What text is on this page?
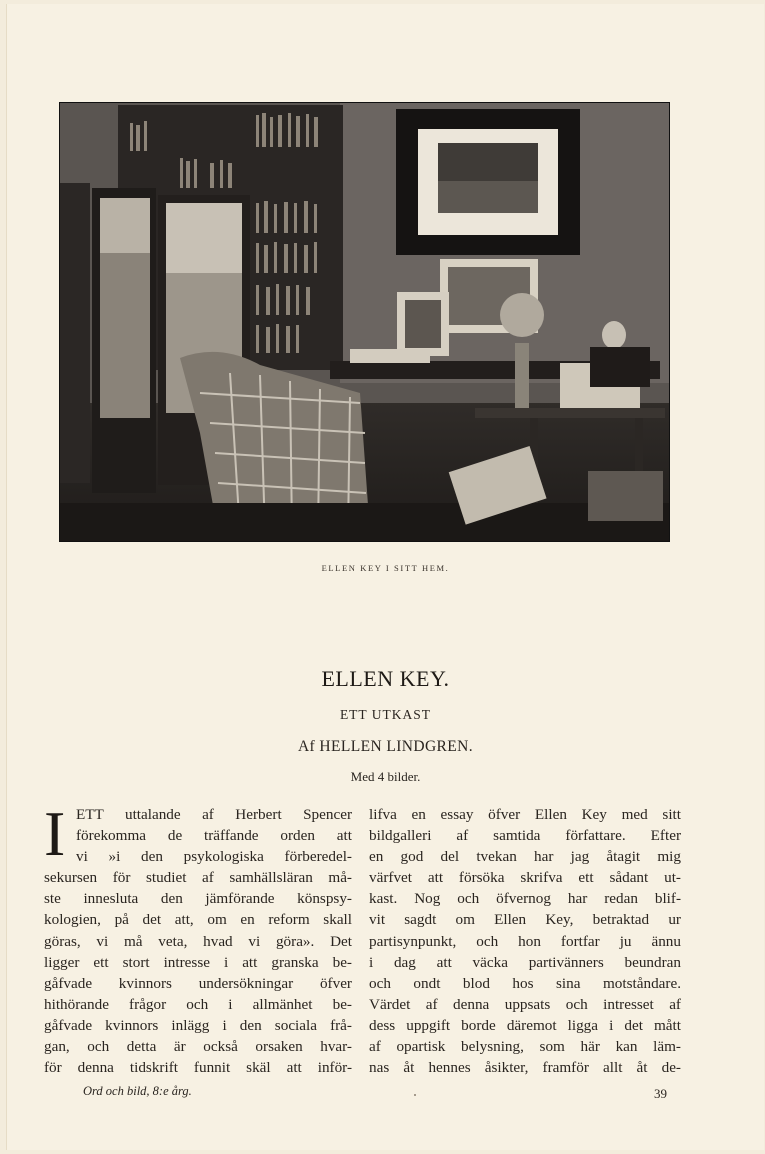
ELLEN KEY I SITT HEM.
ELLEN KEY.
ETT UTKAST
Af HELLEN LINDGREN.
Med 4 bilder.
I ETT uttalande af Herbert Spencer
förekomma de träffande orden att
vi »i den psykologiska förberedel-
sekursen för studiet af samhällsläran må-
ste innesluta den jämförande könspsy-
kologien, på det att, om en reform skall
göras, vi må veta, hvad vi göra». Det
ligger ett stort intresse i att granska be-
gåfvade kvinnors undersökningar öfver
hithörande frågor och i allmänhet be-
gåfvade kvinnors inlägg i den sociala frå-
gan, och detta är också orsaken hvar-
för denna tidskrift funnit skäl att inför-
lifva en essay öfver Ellen Key med sitt
bildgalleri af samtida författare. Efter
en god del tvekan har jag åtagit mig
värfvet att försöka skrifva ett sådant ut-
kast. Nog och öfvernog har redan blif-
vit sagdt om Ellen Key, betraktad ur
partisynpunkt, och hon fortfar ju ännu
i dag att väcka partivänners beundran
och ondt blod hos sina motståndare.
Värdet af denna uppsats och intresset af
dess uppgift borde däremot ligga i det mått
af opartisk belysning, som här kan läm-
nas åt hennes åsikter, framför allt åt de-
Ord och bild, 8:e årg.	39
